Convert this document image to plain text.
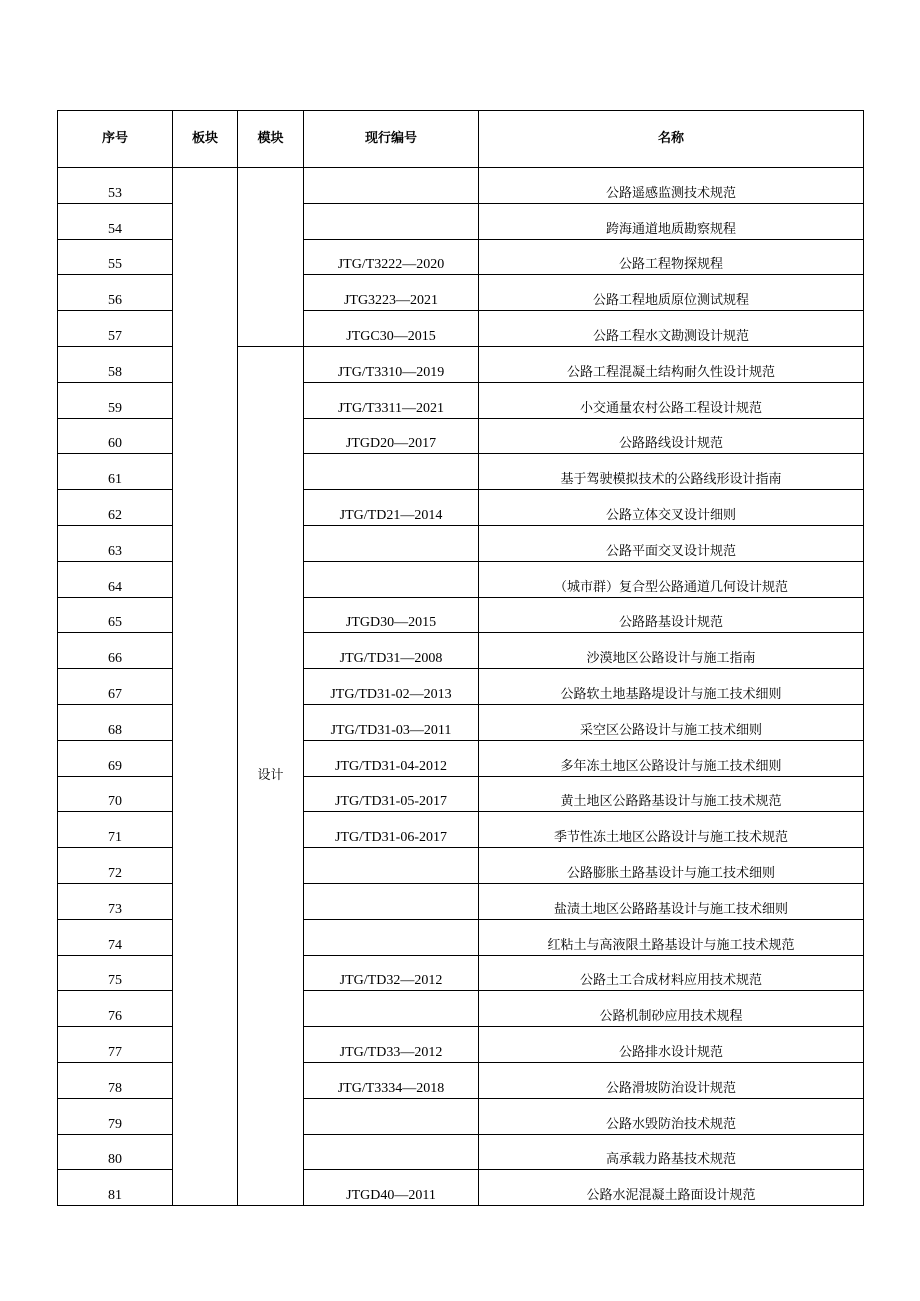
序号	板块	模块	现行编号	名称
53				公路遥感监测技术规范
54				跨海通道地质勘察规程
55			JTG/T3222—2020	公路工程物探规程
56			JTG3223—2021	公路工程地质原位测试规程
57			JTGC30—2015	公路工程水文勘测设计规范
58		设计	JTG/T3310—2019	公路工程混凝土结构耐久性设计规范
59			JTG/T3311—2021	小交通量农村公路工程设计规范
60			JTGD20—2017	公路路线设计规范
61				基于驾驶模拟技术的公路线形设计指南
62			JTG/TD21—2014	公路立体交叉设计细则
63				公路平面交叉设计规范
64				（城市群）复合型公路通道几何设计规范
65			JTGD30—2015	公路路基设计规范
66			JTG/TD31—2008	沙漠地区公路设计与施工指南
67			JTG/TD31-02—2013	公路软土地基路堤设计与施工技术细则
68			JTG/TD31-03—2011	采空区公路设计与施工技术细则
69			JTG/TD31-04-2012	多年冻土地区公路设计与施工技术细则
70			JTG/TD31-05-2017	黄土地区公路路基设计与施工技术规范
71			JTG/TD31-06-2017	季节性冻土地区公路设计与施工技术规范
72				公路膨胀土路基设计与施工技术细则
73				盐渍土地区公路路基设计与施工技术细则
74				红粘土与高液限土路基设计与施工技术规范
75			JTG/TD32—2012	公路土工合成材料应用技术规范
76				公路机制砂应用技术规程
77			JTG/TD33—2012	公路排水设计规范
78			JTG/T3334—2018	公路滑坡防治设计规范
79				公路水毁防治技术规范
80				高承载力路基技术规范
81			JTGD40—2011	公路水泥混凝土路面设计规范
